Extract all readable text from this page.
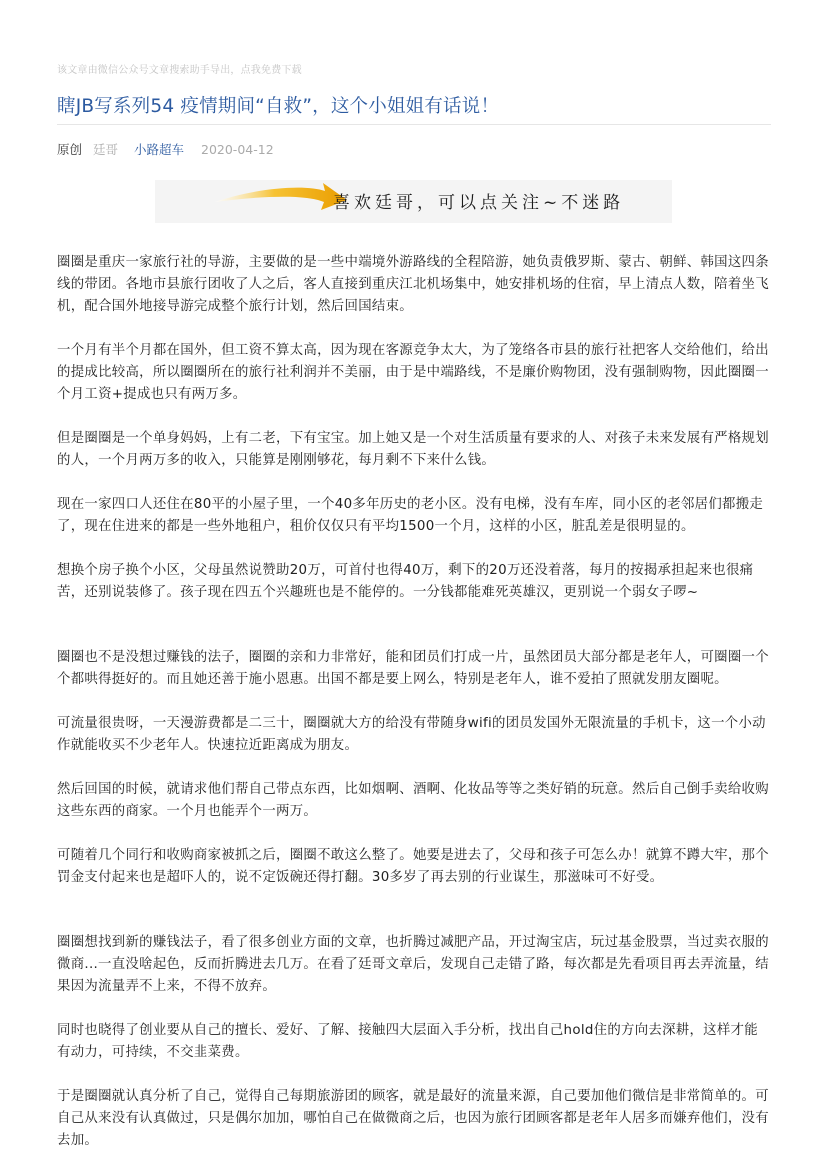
该文章由微信公众号文章搜索助手导出，点我免费下载
瞎JB写系列54 疫情期间“自救”，这个小姐姐有话说！
原创 廷哥 小路超车 2020-04-12
喜欢廷哥，可以点关注~不迷路

圈圈是重庆一家旅行社的导游，主要做的是一些中端境外游路线的全程陪游，她负责俄罗斯、蒙古、朝鲜、韩国这四条线的带团。各地市县旅行团收了人之后，客人直接到重庆江北机场集中，她安排机场的住宿，早上清点人数，陪着坐飞机，配合国外地接导游完成整个旅行计划，然后回国结束。

一个月有半个月都在国外，但工资不算太高，因为现在客源竞争太大，为了笼络各市县的旅行社把客人交给他们，给出的提成比较高，所以圈圈所在的旅行社利润并不美丽，由于是中端路线，不是廉价购物团，没有强制购物，因此圈圈一个月工资+提成也只有两万多。

但是圈圈是一个单身妈妈，上有二老，下有宝宝。加上她又是一个对生活质量有要求的人、对孩子未来发展有严格规划的人，一个月两万多的收入，只能算是刚刚够花，每月剩不下来什么钱。

现在一家四口人还住在80平的小屋子里，一个40多年历史的老小区。没有电梯，没有车库，同小区的老邻居们都搬走了，现在住进来的都是一些外地租户，租价仅仅只有平均1500一个月，这样的小区，脏乱差是很明显的。

想换个房子换个小区，父母虽然说赞助20万，可首付也得40万，剩下的20万还没着落，每月的按揭承担起来也很痛苦，还别说装修了。孩子现在四五个兴趣班也是不能停的。一分钱都能难死英雄汉，更别说一个弱女子啰~

圈圈也不是没想过赚钱的法子，圈圈的亲和力非常好，能和团员们打成一片，虽然团员大部分都是老年人，可圈圈一个个都哄得挺好的。而且她还善于施小恩惠。出国不都是要上网么，特别是老年人，谁不爱拍了照就发朋友圈呢。

可流量很贵呀，一天漫游费都是二三十，圈圈就大方的给没有带随身wifi的团员发国外无限流量的手机卡，这一个小动作就能收买不少老年人。快速拉近距离成为朋友。

然后回国的时候，就请求他们帮自己带点东西，比如烟啊、酒啊、化妆品等等之类好销的玩意。然后自己倒手卖给收购这些东西的商家。一个月也能弄个一两万。

可随着几个同行和收购商家被抓之后，圈圈不敢这么整了。她要是进去了，父母和孩子可怎么办！就算不蹲大牢，那个罚金支付起来也是超吓人的，说不定饭碗还得打翻。30多岁了再去别的行业谋生，那滋味可不好受。

圈圈想找到新的赚钱法子，看了很多创业方面的文章，也折腾过减肥产品，开过淘宝店，玩过基金股票，当过卖衣服的微商...一直没啥起色，反而折腾进去几万。在看了廷哥文章后，发现自己走错了路，每次都是先看项目再去弄流量，结果因为流量弄不上来，不得不放弃。

同时也晓得了创业要从自己的擅长、爱好、了解、接触四大层面入手分析，找出自己hold住的方向去深耕，这样才能有动力，可持续，不交韭菜费。

于是圈圈就认真分析了自己，觉得自己每期旅游团的顾客，就是最好的流量来源，自己要加他们微信是非常简单的。可自己从来没有认真做过，只是偶尔加加，哪怕自己在做微商之后，也因为旅行团顾客都是老年人居多而嫌弃他们，没有去加。
